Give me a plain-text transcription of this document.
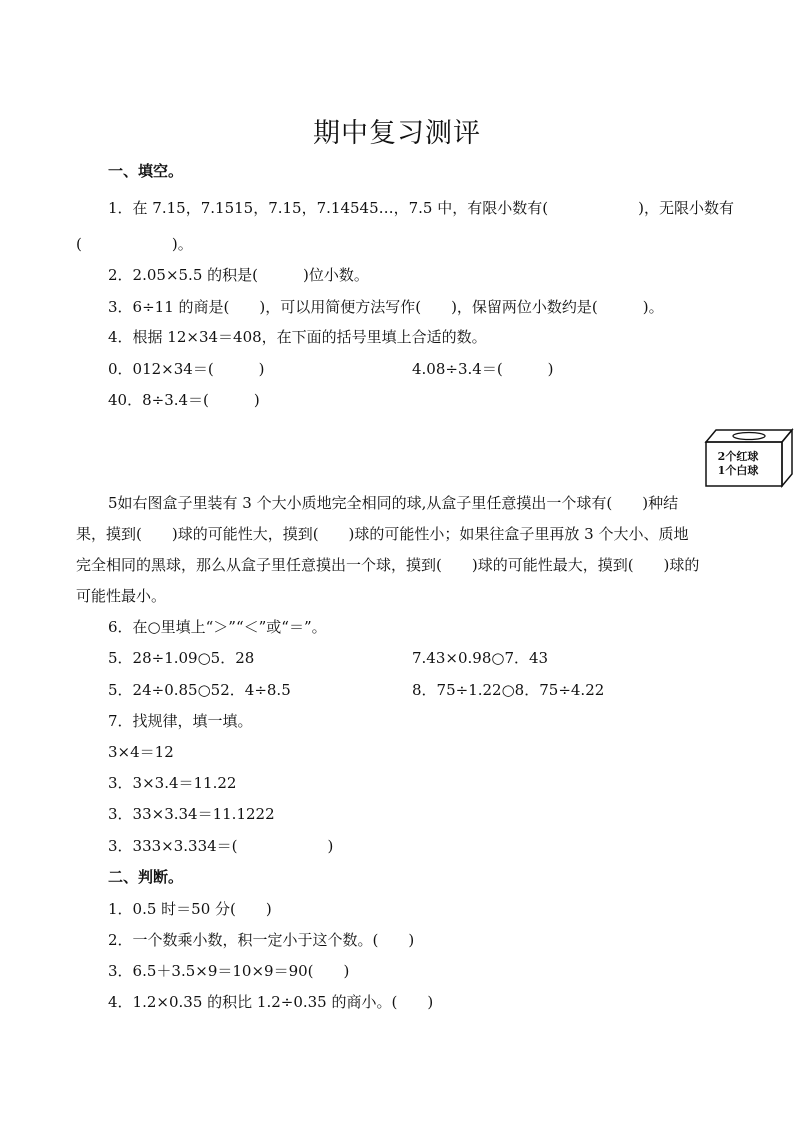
期中复习测评
一、填空。
1．在 7.15，7.1515，7.15，7.14545…，7.5 中，有限小数有(　　　　　　)，无限小数有
(　　　　　　)。
2．2.05×5.5 的积是(　　　)位小数。
3．6÷11 的商是(　　)，可以用简便方法写作(　　)，保留两位小数约是(　　　)。
4．根据 12×34＝408，在下面的括号里填上合适的数。
0．012×34＝(　　　)	4.08÷3.4＝(　　　)
40．8÷3.4＝(　　　)
2个红球
1个白球
5如右图盒子里装有 3 个大小质地完全相同的球,从盒子里任意摸出一个球有(　　)种结
果，摸到(　　)球的可能性大，摸到(　　)球的可能性小；如果往盒子里再放 3 个大小、质地
完全相同的黑球，那么从盒子里任意摸出一个球，摸到(　　)球的可能性最大，摸到(　　)球的
可能性最小。
6．在○里填上“＞”“＜”或“＝”。
5．28÷1.09○5．28	7.43×0.98○7．43
5．24÷0.85○52．4÷8.5	8．75÷1.22○8．75÷4.22
7．找规律，填一填。
3×4＝12
3．3×3.4＝11.22
3．33×3.34＝11.1222
3．333×3.334＝(　　　　　　)
二、判断。
1．0.5 时＝50 分(　　)
2．一个数乘小数，积一定小于这个数。(　　)
3．6.5＋3.5×9＝10×9＝90(　　)
4．1.2×0.35 的积比 1.2÷0.35 的商小。(　　)
